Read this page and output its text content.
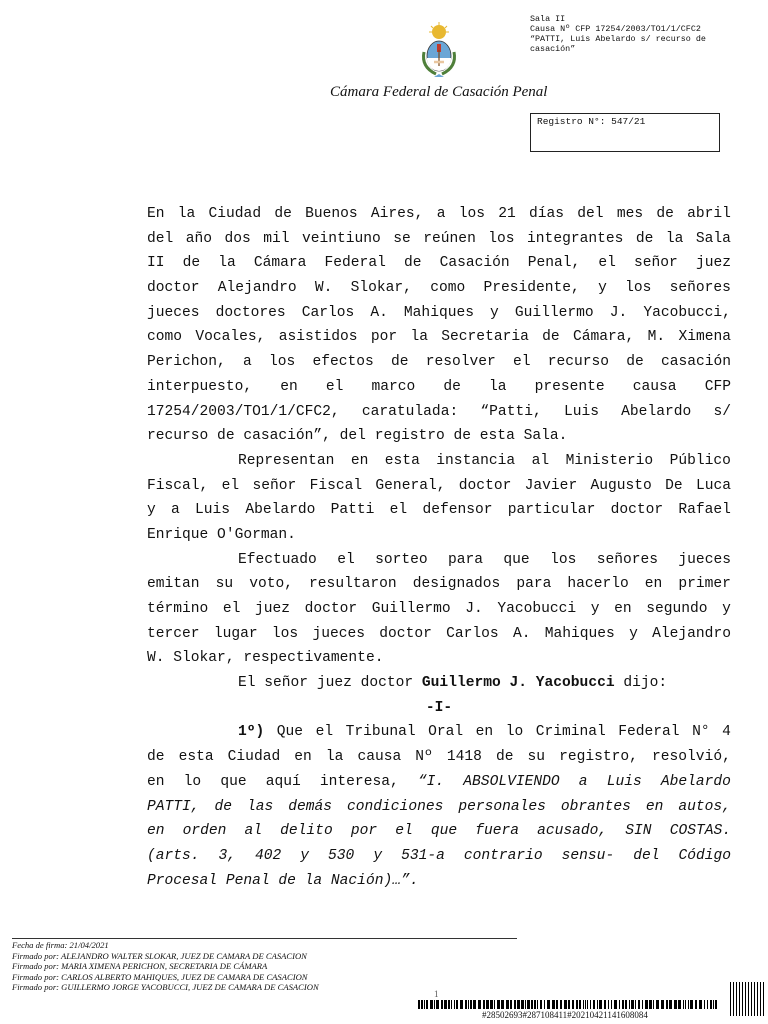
Sala II
Causa Nº CFP 17254/2003/TO1/1/CFC2
“PATTI, Luis Abelardo s/ recurso de
casación”
Cámara Federal de Casación Penal
Registro N°: 547/21
En la Ciudad de Buenos Aires, a los 21 días del mes de abril
del año dos mil veintiuno se reúnen los integrantes de la Sala
II de la Cámara Federal de Casación Penal, el señor juez
doctor Alejandro W. Slokar, como Presidente, y los señores
jueces doctores Carlos A. Mahiques y Guillermo J. Yacobucci,
como Vocales, asistidos por la Secretaria de Cámara, M. Ximena
Perichon, a los efectos de resolver el recurso de casación
interpuesto, en el marco de la presente causa CFP
17254/2003/TO1/1/CFC2, caratulada: “Patti, Luis Abelardo s/
recurso de casación”, del registro de esta Sala.
Representan en esta instancia al Ministerio Público
Fiscal, el señor Fiscal General, doctor Javier Augusto De Luca
y a Luis Abelardo Patti el defensor particular doctor Rafael
Enrique O'Gorman.
Efectuado el sorteo para que los señores jueces
emitan su voto, resultaron designados para hacerlo en primer
término el juez doctor Guillermo J. Yacobucci y en segundo y
tercer lugar los jueces doctor Carlos A. Mahiques y Alejandro
W. Slokar, respectivamente.
El señor juez doctor Guillermo J. Yacobucci dijo:
-I-
1º) Que el Tribunal Oral en lo Criminal Federal N° 4
de esta Ciudad en la causa Nº 1418 de su registro, resolvió,
en lo que aquí interesa, “I. ABSOLVIENDO a Luis Abelardo
PATTI, de las demás condiciones personales obrantes en autos,
en orden al delito por el que fuera acusado, SIN COSTAS.
(arts. 3, 402 y 530 y 531-a contrario sensu- del Código
Procesal Penal de la Nación)…”.
Fecha de firma: 21/04/2021
Firmado por: ALEJANDRO WALTER SLOKAR, JUEZ DE CAMARA DE CASACION
Firmado por: MARIA XIMENA PERICHON, SECRETARIA DE CÁMARA
Firmado por: CARLOS ALBERTO MAHIQUES, JUEZ DE CAMARA DE CASACION
Firmado por: GUILLERMO JORGE YACOBUCCI, JUEZ DE CAMARA DE CASACION
1
#28502693#287108411#20210421141608084
